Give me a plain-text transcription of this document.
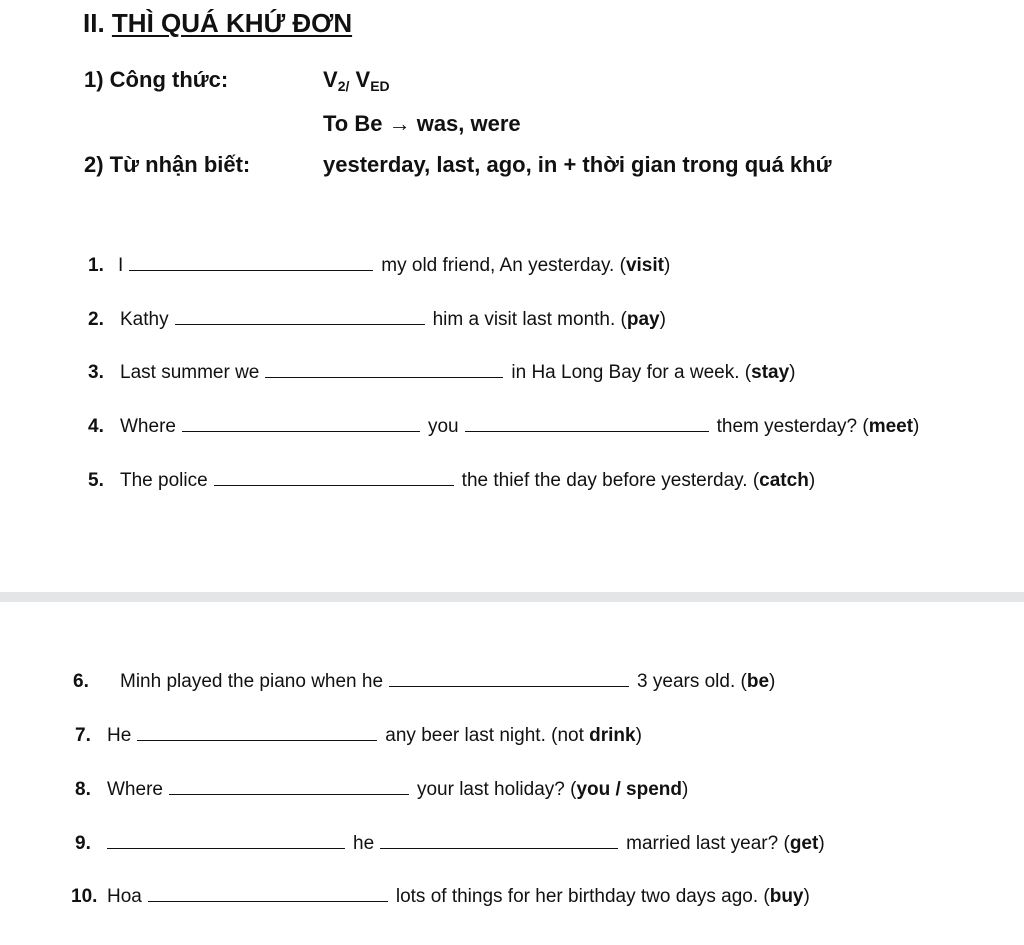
II. THÌ QUÁ KHỨ ĐƠN
1) Công thức:	$V_{2/}$ $V_{ED}$
To Be → was, were
2) Từ nhận biết:	yesterday, last, ago, in + thời gian trong quá khứ
1. I	my old friend, An yesterday. (visit)
2. Kathy	him a visit last month. (pay)
3. Last summer we	in Ha Long Bay for a week. (stay)
4. Where	you	them yesterday? (meet)
5. The police	the thief the day before yesterday. (catch)
6. Minh played the piano when he	3 years old. (be)
7. He	any beer last night. (not drink)
8. Where	your last holiday? (you / spend)
9.	he	married last year? (get)
10. Hoa	lots of things for her birthday two days ago. (buy)
